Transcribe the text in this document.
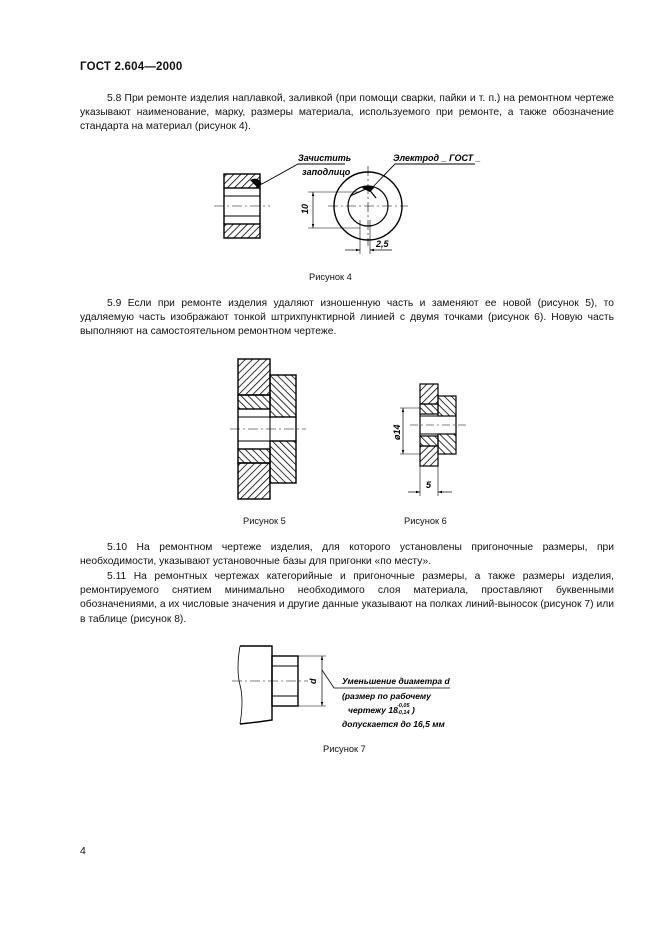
ГОСТ 2.604—2000

5.8 При ремонте изделия наплавкой, заливкой (при помощи сварки, пайки и т. п.) на ремонтном чертеже указывают наименование, марку, размеры материала, используемого при ремонте, а также обозначение стандарта на материал (рисунок 4).

Зачистить
заподлицо
Электрод _ ГОСТ _
10
2,5
Рисунок 4

5.9 Если при ремонте изделия удаляют изношенную часть и заменяют ее новой (рисунок 5), то удаляемую часть изображают тонкой штрихпунктирной линией с двумя точками (рисунок 6). Новую часть выполняют на самостоятельном ремонтном чертеже.

Рисунок 5
ø14
5
Рисунок 6

5.10 На ремонтном чертеже изделия, для которого установлены пригоночные размеры, при необходимости, указывают установочные базы для пригонки «по месту».

5.11 На ремонтных чертежах категорийные и пригоночные размеры, а также размеры изделия, ремонтируемого снятием минимально необходимого слоя материала, проставляют буквенными обозначениями, а их числовые значения и другие данные указывают на полках линий-выносок (рисунок 7) или в таблице (рисунок 8).

d	Уменьшение диаметра d
(размер по рабочему
чертежу 18 -0,05
-0,14 )
допускается до 16,5 мм
Рисунок 7
4
